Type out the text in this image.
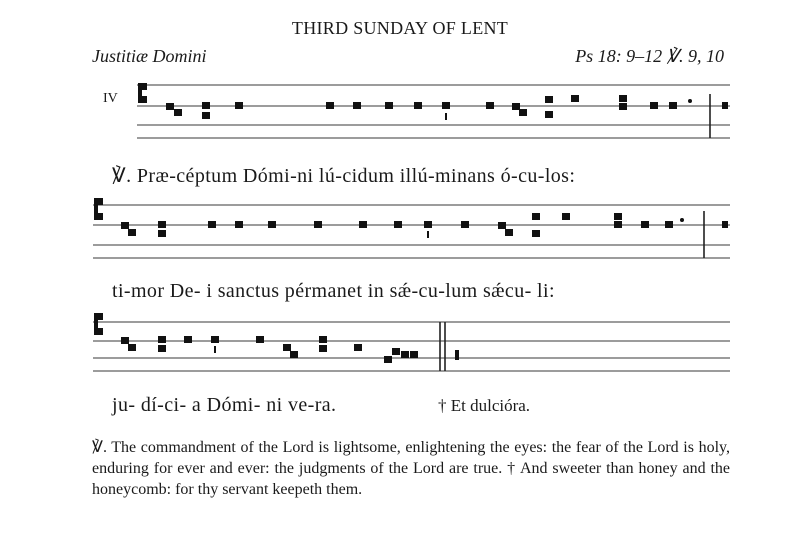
THIRD SUNDAY OF LENT
Justitiæ Domini	Ps 18: 9–12 ℣. 9, 10
IV
℣. Præ-céptum Dómi-ni lú-cidum illú-minans ó-cu-los:
ti-mor De- i sanctus pérmanet in sǽ-cu-lum sǽcu- li:
ju- dí-ci- a Dómi- ni ve-ra.	† Et dulcióra.
℣. The commandment of the Lord is lightsome, enlightening the eyes: the fear of the Lord is holy, enduring for ever and ever: the judgments of the Lord are true. † And sweeter than honey and the honeycomb: for thy servant keepeth them.
